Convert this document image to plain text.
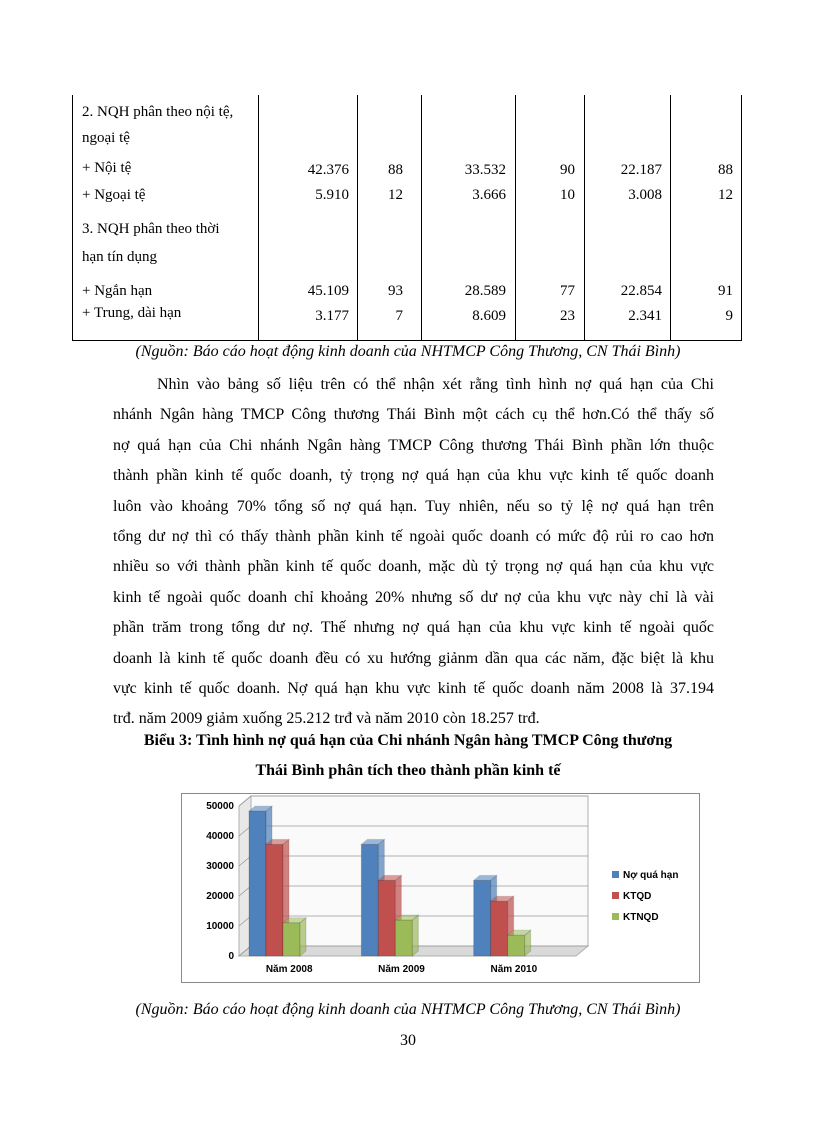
2. NQH phân theo nội tệ,
ngoại tệ
+ Nội tệ	42.376	88	33.532	90	22.187	88
+ Ngoại tệ	5.910	12	3.666	10	3.008	12
3. NQH phân theo thời
hạn tín dụng
+ Ngắn hạn	45.109	93	28.589	77	22.854	91
+ Trung, dài hạn	3.177	7	8.609	23	2.341	9
(Nguồn: Báo cáo hoạt động kinh doanh của NHTMCP Công Thương, CN Thái Bình)
Nhìn vào bảng số liệu trên có thể nhận xét rằng tình hình nợ quá hạn của Chi
nhánh Ngân hàng TMCP Công thương Thái Bình một cách cụ thể hơn.Có thể thấy số
nợ quá hạn của Chi nhánh Ngân hàng TMCP Công thương Thái Bình phần lớn thuộc
thành phần kinh tế quốc doanh, tỷ trọng nợ quá hạn của khu vực kinh tế quốc doanh
luôn vào khoảng 70% tổng số nợ quá hạn. Tuy nhiên, nếu so tỷ lệ nợ quá hạn trên
tổng dư nợ thì có thấy thành phần kinh tế ngoài quốc doanh có mức độ rủi ro cao hơn
nhiều so với thành phần kinh tế quốc doanh, mặc dù tỷ trọng nợ quá hạn của khu vực
kinh tế ngoài quốc doanh chỉ khoảng 20% nhưng số dư nợ của khu vực này chỉ là vài
phần trăm trong tổng dư nợ. Thế nhưng nợ quá hạn của khu vực kinh tế ngoài quốc
doanh là kinh tế quốc doanh đều có xu hướng giảnm dần qua các năm, đặc biệt là khu
vực kinh tế quốc doanh. Nợ quá hạn khu vực kinh tế quốc doanh năm 2008 là 37.194
trđ. năm 2009 giảm xuống 25.212 trđ và năm 2010 còn 18.257 trđ.
Biểu 3: Tình hình nợ quá hạn của Chi nhánh Ngân hàng TMCP Công thương
Thái Bình phân tích theo thành phần kinh tế
0
10000
20000
30000
40000
50000
Năm 2008	Năm 2009	Năm 2010
Nợ quá hạn
KTQD
KTNQD
(Nguồn: Báo cáo hoạt động kinh doanh của NHTMCP Công Thương, CN Thái Bình)
30
